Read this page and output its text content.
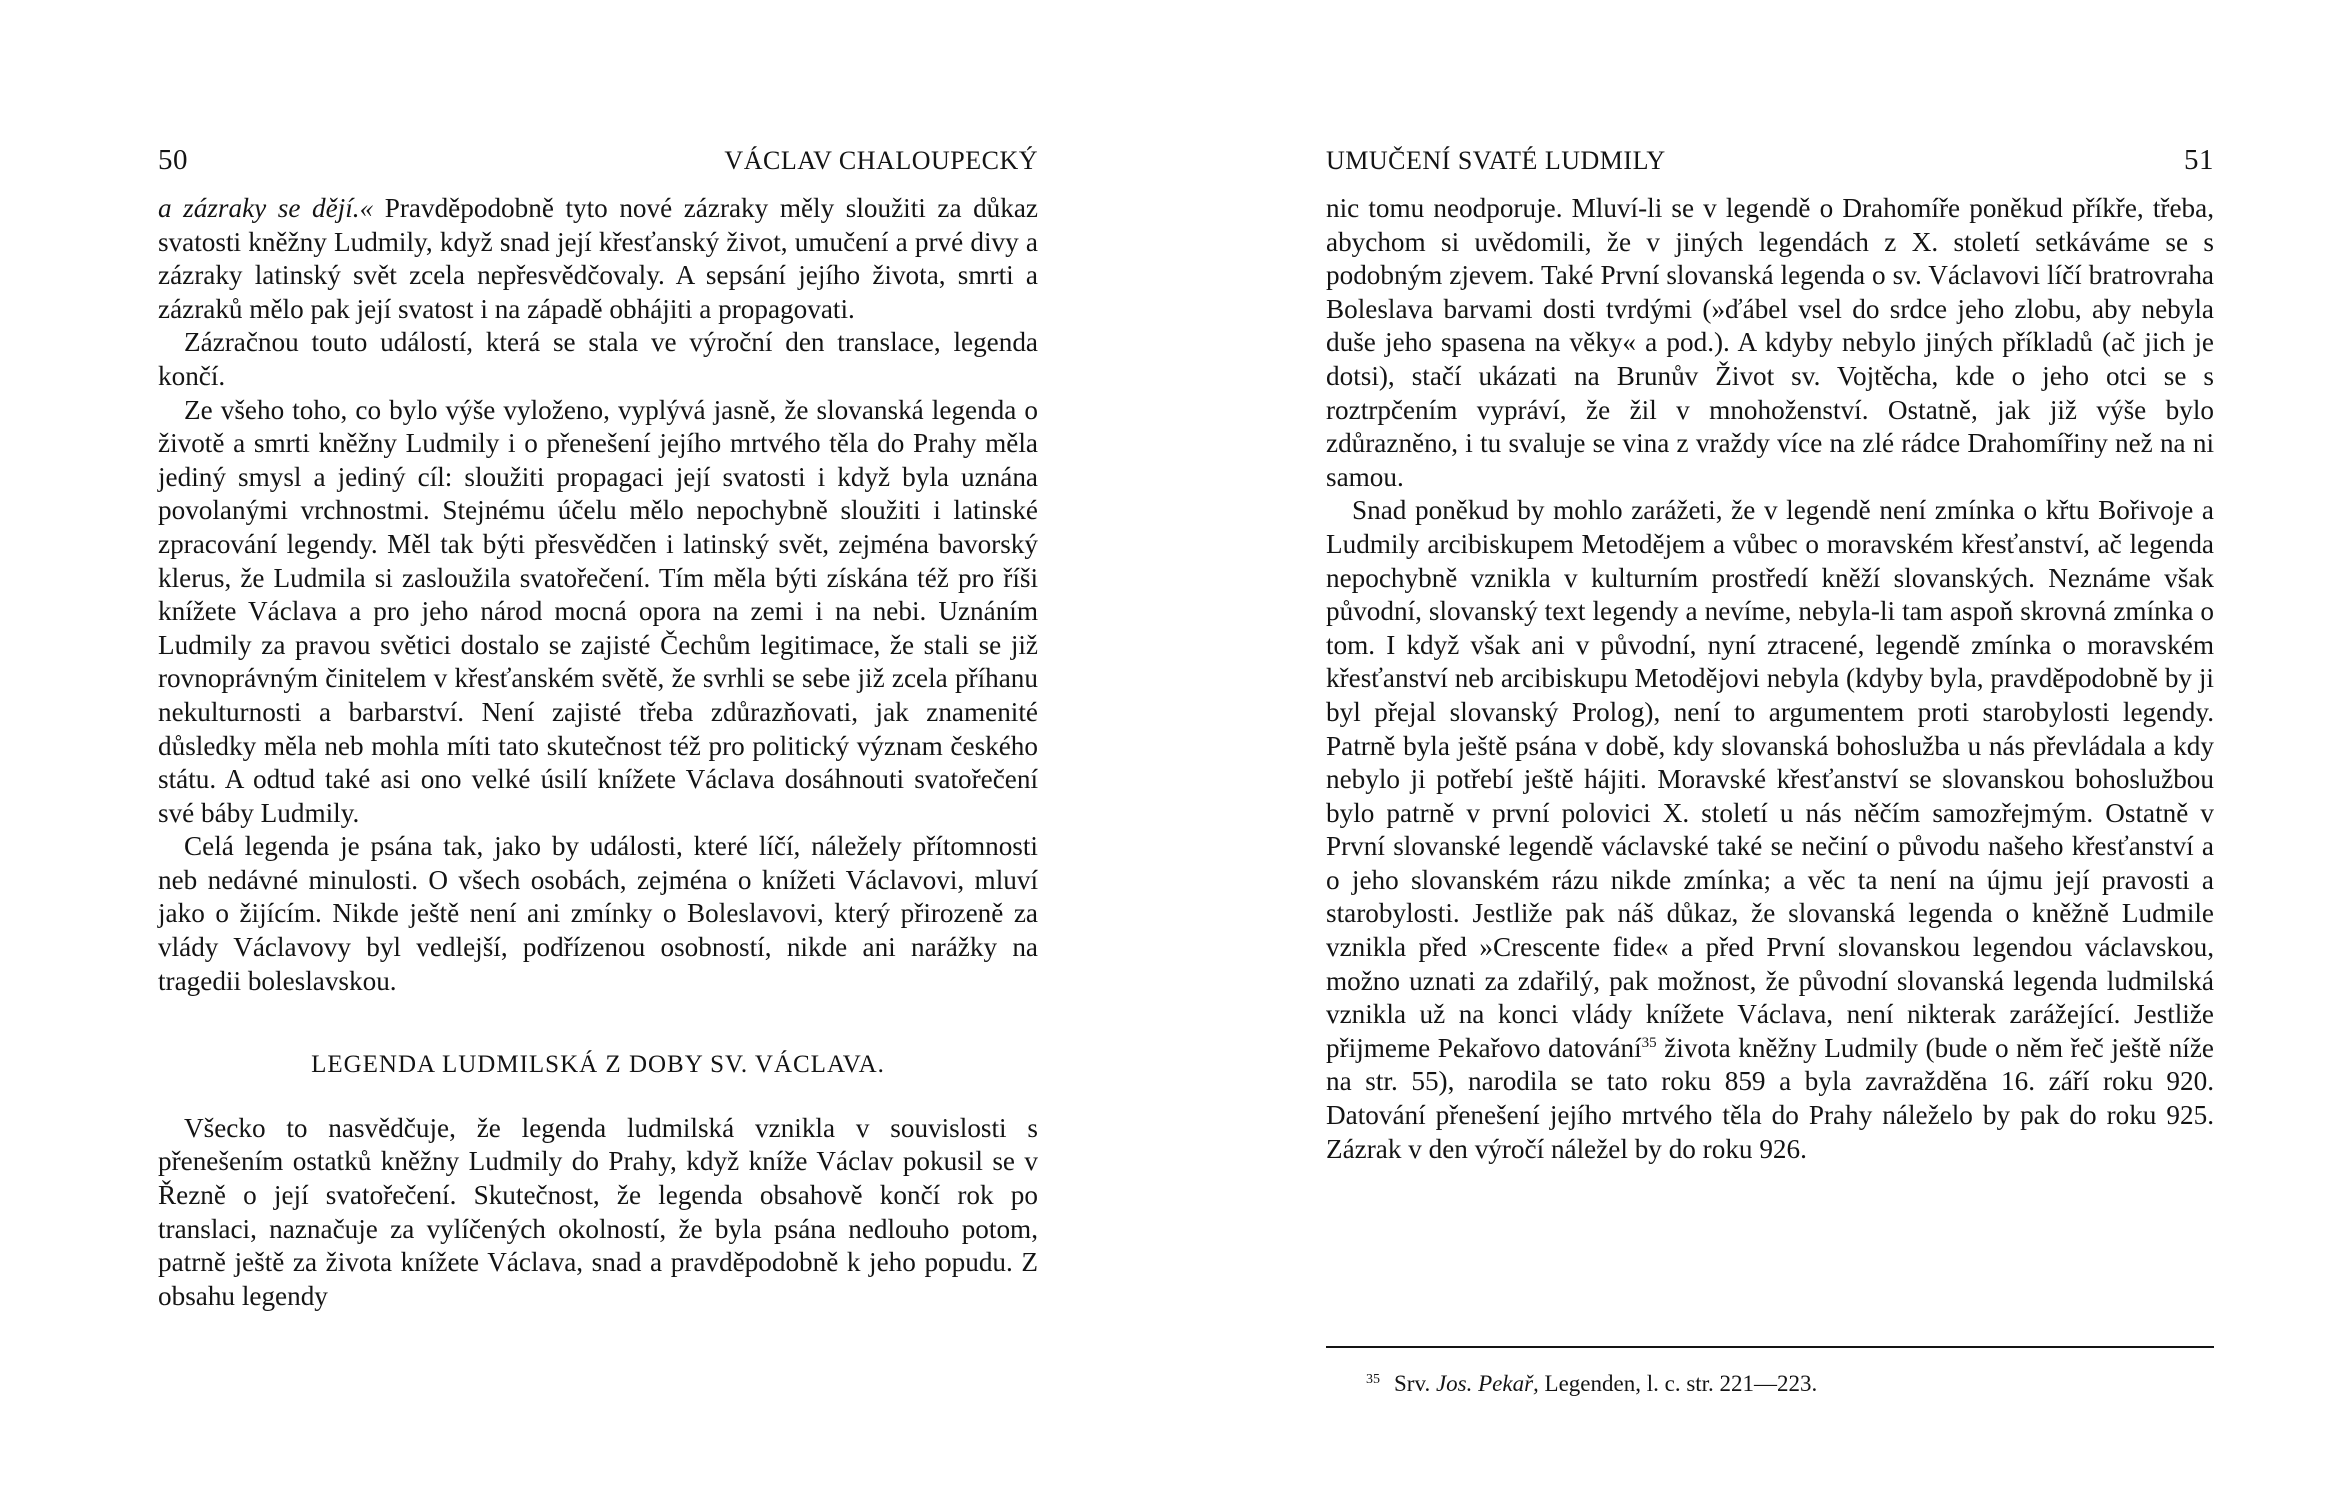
50	VÁCLAV CHALOUPECKÝ

a zázraky se dějí.« Pravděpodobně tyto nové zázraky měly sloužiti za důkaz svatosti kněžny Ludmily, když snad její křesťanský život, umučení a prvé divy a zázraky latinský svět zcela nepřesvědčovaly. A sepsání jejího života, smrti a zázraků mělo pak její svatost i na západě obhájiti a propagovati.

Zázračnou touto událostí, která se stala ve výroční den translace, legenda končí.

Ze všeho toho, co bylo výše vyloženo, vyplývá jasně, že slovanská legenda o životě a smrti kněžny Ludmily i o přenešení jejího mrtvého těla do Prahy měla jediný smysl a jediný cíl: sloužiti propagaci její svatosti i když byla uznána povolanými vrchnostmi. Stejnému účelu mělo nepochybně sloužiti i latinské zpracování legendy. Měl tak býti přesvědčen i latinský svět, zejména bavorský klerus, že Ludmila si zasloužila svatořečení. Tím měla býti získána též pro říši knížete Václava a pro jeho národ mocná opora na zemi i na nebi. Uznáním Ludmily za pravou světici dostalo se zajisté Čechům legitimace, že stali se již rovnoprávným činitelem v křesťanském světě, že svrhli se sebe již zcela příhanu nekulturnosti a barbarství. Není zajisté třeba zdůrazňovati, jak znamenité důsledky měla neb mohla míti tato skutečnost též pro politický význam českého státu. A odtud také asi ono velké úsilí knížete Václava dosáhnouti svatořečení své báby Ludmily.

Celá legenda je psána tak, jako by události, které líčí, náležely přítomnosti neb nedávné minulosti. O všech osobách, zejména o knížeti Václavovi, mluví jako o žijícím. Nikde ještě není ani zmínky o Boleslavovi, který přirozeně za vlády Václavovy byl vedlejší, podřízenou osobností, nikde ani narážky na tragedii boleslavskou.

LEGENDA LUDMILSKÁ Z DOBY SV. VÁCLAVA.

Všecko to nasvědčuje, že legenda ludmilská vznikla v souvislosti s přenešením ostatků kněžny Ludmily do Prahy, když kníže Václav pokusil se v Řezně o její svatořečení. Skutečnost, že legenda obsahově končí rok po translaci, naznačuje za vylíčených okolností, že byla psána nedlouho potom, patrně ještě za života knížete Václava, snad a pravděpodobně k jeho popudu. Z obsahu legendy

UMUČENÍ SVATÉ LUDMILY	51

nic tomu neodporuje. Mluví-li se v legendě o Drahomíře poněkud příkře, třeba, abychom si uvědomili, že v jiných legendách z X. století setkáváme se s podobným zjevem. Také První slovanská legenda o sv. Václavovi líčí bratrovraha Boleslava barvami dosti tvrdými (»ďábel vsel do srdce jeho zlobu, aby nebyla duše jeho spasena na věky« a pod.). A kdyby nebylo jiných příkladů (ač jich je dotsi), stačí ukázati na Brunův Život sv. Vojtěcha, kde o jeho otci se s roztrpčením vypráví, že žil v mnohoženství. Ostatně, jak již výše bylo zdůrazněno, i tu svaluje se vina z vraždy více na zlé rádce Drahomířiny než na ni samou.

Snad poněkud by mohlo zarážeti, že v legendě není zmínka o křtu Bořivoje a Ludmily arcibiskupem Metodějem a vůbec o moravském křesťanství, ač legenda nepochybně vznikla v kulturním prostředí kněží slovanských. Neznáme však původní, slovanský text legendy a nevíme, nebyla-li tam aspoň skrovná zmínka o tom. I když však ani v původní, nyní ztracené, legendě zmínka o moravském křesťanství neb arcibiskupu Metodějovi nebyla (kdyby byla, pravděpodobně by ji byl přejal slovanský Prolog), není to argumentem proti starobylosti legendy. Patrně byla ještě psána v době, kdy slovanská bohoslužba u nás převládala a kdy nebylo ji potřebí ještě hájiti. Moravské křesťanství se slovanskou bohoslužbou bylo patrně v první polovici X. století u nás něčím samozřejmým. Ostatně v První slovanské legendě václavské také se nečiní o původu našeho křesťanství a o jeho slovanském rázu nikde zmínka; a věc ta není na újmu její pravosti a starobylosti. Jestliže pak náš důkaz, že slovanská legenda o kněžně Ludmile vznikla před »Crescente fide« a před První slovanskou legendou václavskou, možno uznati za zdařilý, pak možnost, že původní slovanská legenda ludmilská vznikla už na konci vlády knížete Václava, není nikterak zarážející. Jestliže přijmeme Pekařovo datování$^{35}$ života kněžny Ludmily (bude o něm řeč ještě níže na str. 55), narodila se tato roku 859 a byla zavražděna 16. září roku 920. Datování přenešení jejího mrtvého těla do Prahy náleželo by pak do roku 925. Zázrak v den výročí náležel by do roku 926.

$^{35}$ Srv. Jos. Pekař, Legenden, l. c. str. 221—223.
